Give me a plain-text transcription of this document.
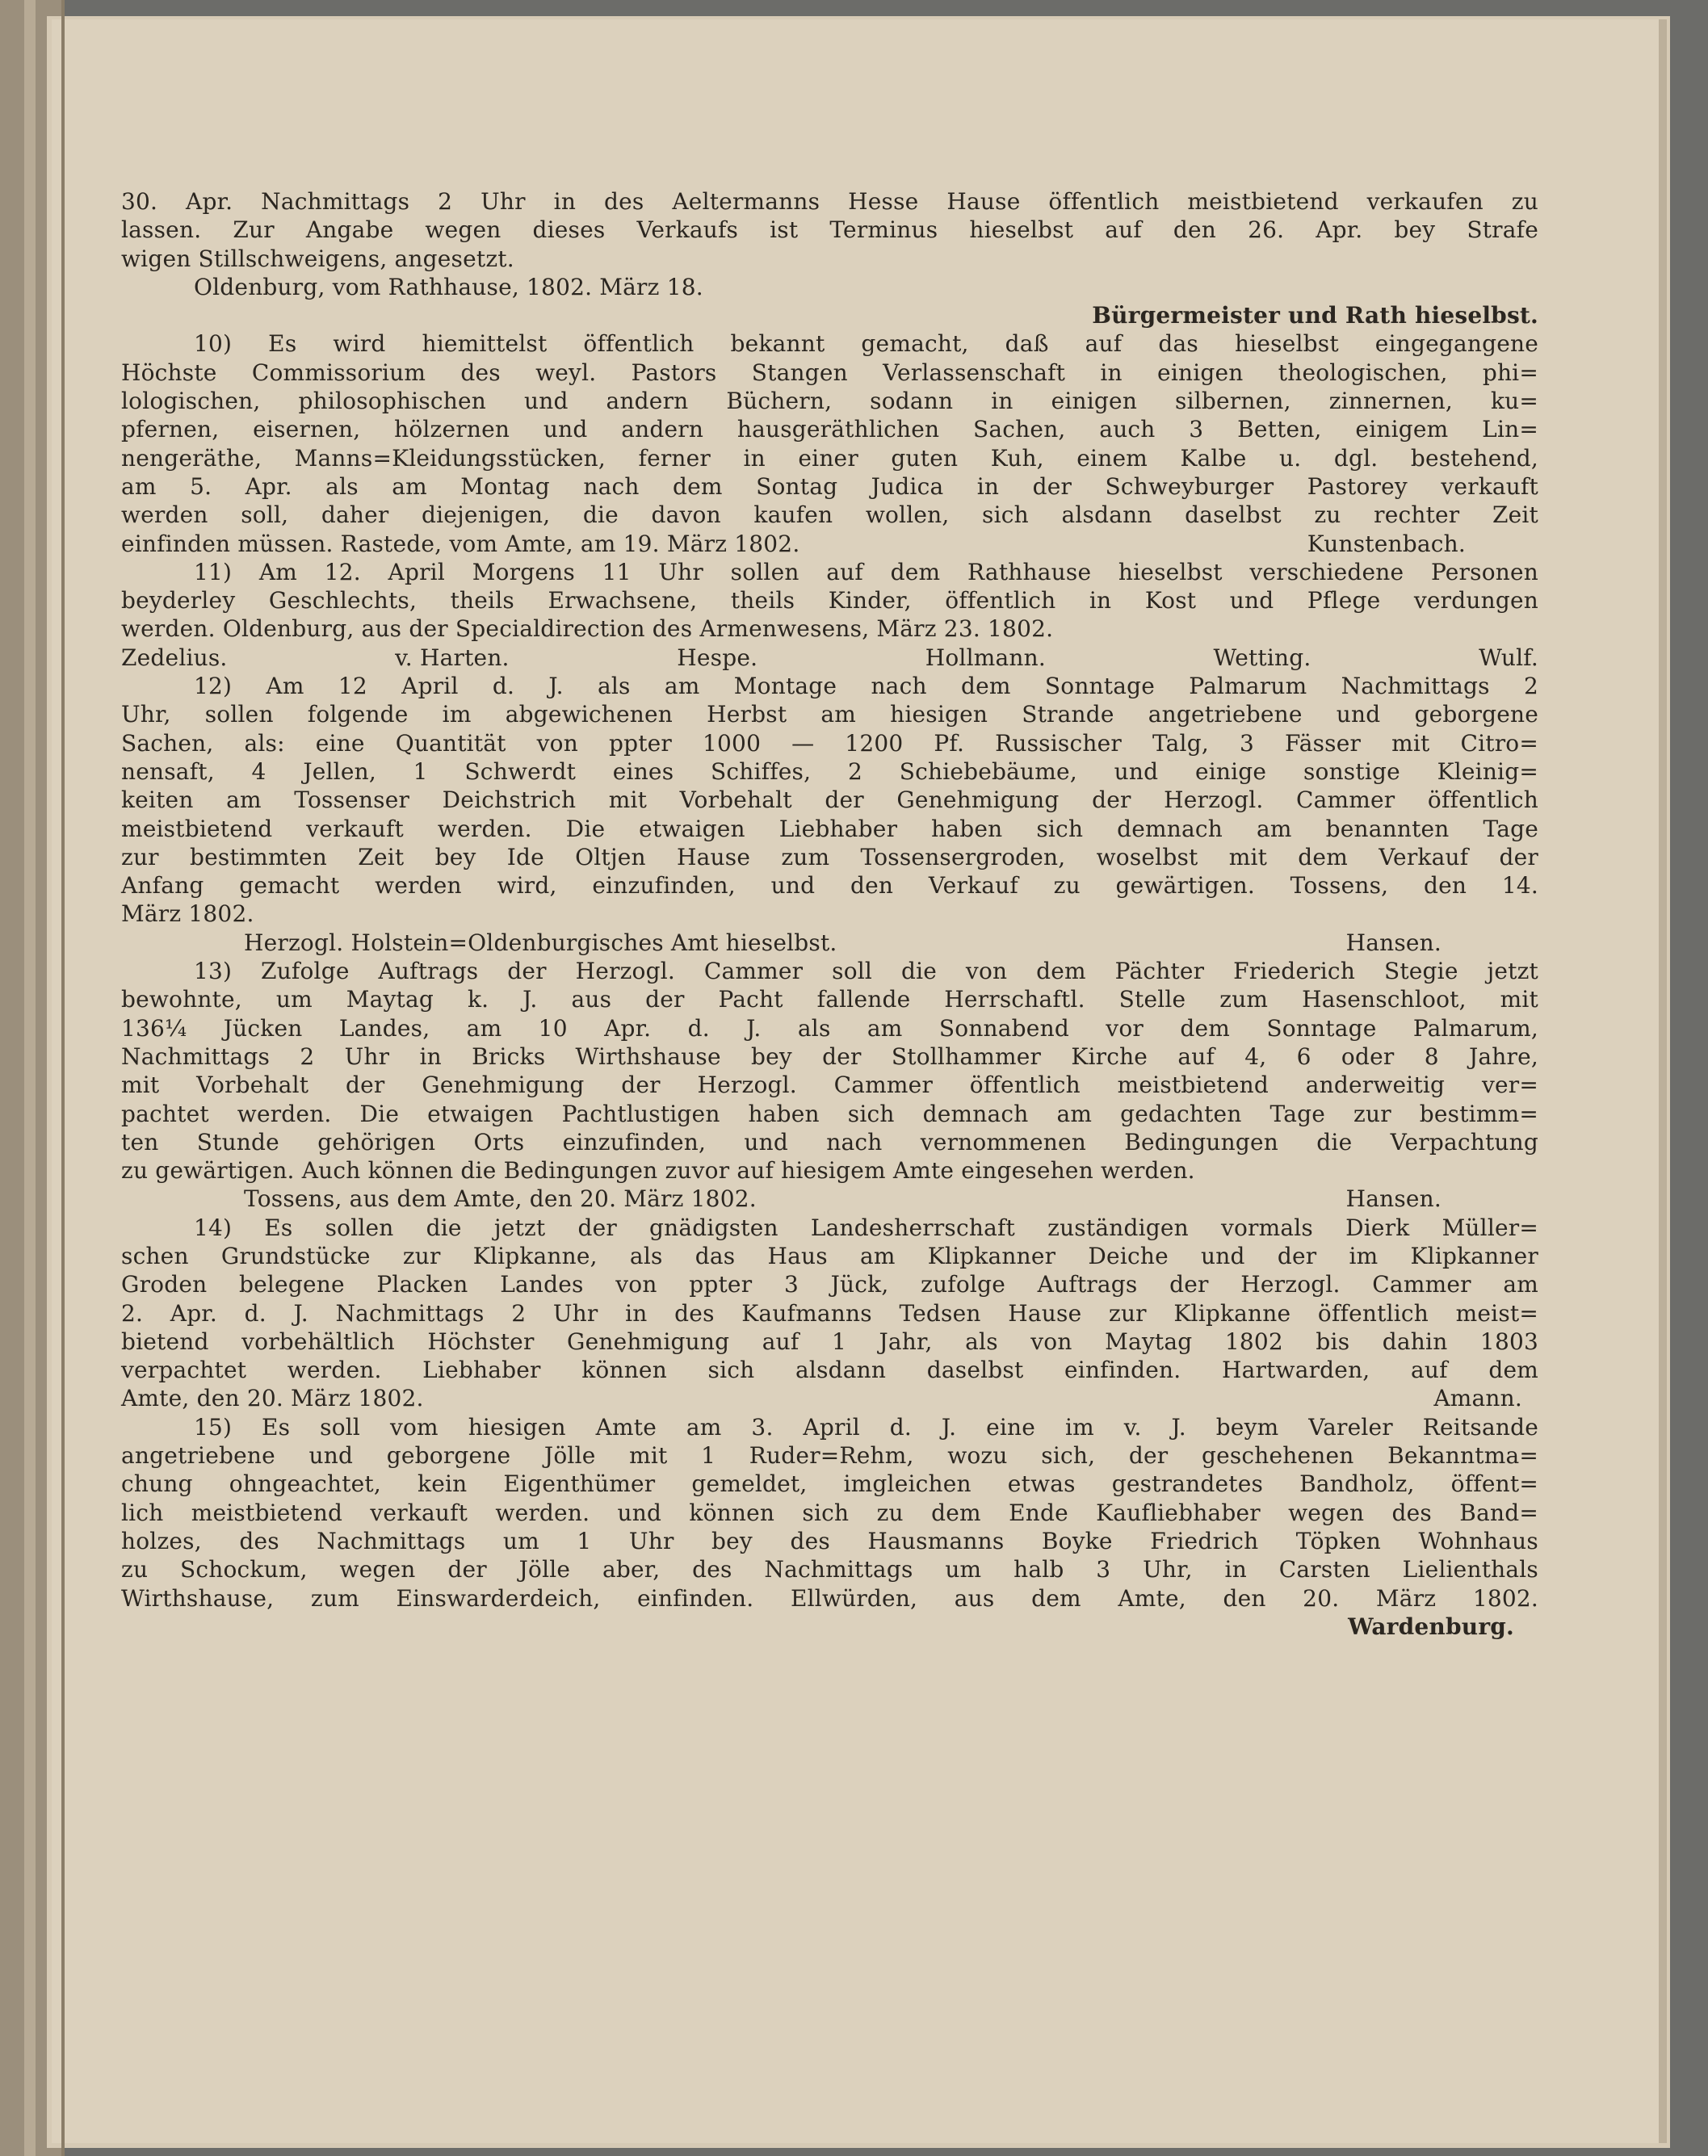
30. Apr. Nachmittags 2 Uhr in des Aeltermanns Hesse Hause öffentlich meistbietend verkaufen zu
lassen. Zur Angabe wegen dieses Verkaufs ist Terminus hieselbst auf den 26. Apr. bey Strafe
wigen Stillschweigens, angesetzt.
Oldenburg, vom Rathhause, 1802. März 18.
Bürgermeister und Rath hieselbst.
10) Es wird hiemittelst öffentlich bekannt gemacht, daß auf das hieselbst eingegangene
Höchste Commissorium des weyl. Pastors Stangen Verlassenschaft in einigen theologischen, phi=
lologischen, philosophischen und andern Büchern, sodann in einigen silbernen, zinnernen, ku=
pfernen, eisernen, hölzernen und andern hausgeräthlichen Sachen, auch 3 Betten, einigem Lin=
nengeräthe, Manns=Kleidungsstücken, ferner in einer guten Kuh, einem Kalbe u. dgl. bestehend,
am 5. Apr. als am Montag nach dem Sontag Judica in der Schweyburger Pastorey verkauft
werden soll, daher diejenigen, die davon kaufen wollen, sich alsdann daselbst zu rechter Zeit
einfinden müssen. Rastede, vom Amte, am 19. März 1802.	Kunstenbach.
11) Am 12. April Morgens 11 Uhr sollen auf dem Rathhause hieselbst verschiedene Personen
beyderley Geschlechts, theils Erwachsene, theils Kinder, öffentlich in Kost und Pflege verdungen
werden. Oldenburg, aus der Specialdirection des Armenwesens, März 23. 1802.
Zedelius.	v. Harten.	Hespe.	Hollmann.	Wetting.	Wulf.
12) Am 12 April d. J. als am Montage nach dem Sonntage Palmarum Nachmittags 2
Uhr, sollen folgende im abgewichenen Herbst am hiesigen Strande angetriebene und geborgene
Sachen, als: eine Quantität von ppter 1000 — 1200 Pf. Russischer Talg, 3 Fässer mit Citro=
nensaft, 4 Jellen, 1 Schwerdt eines Schiffes, 2 Schiebebäume, und einige sonstige Kleinig=
keiten am Tossenser Deichstrich mit Vorbehalt der Genehmigung der Herzogl. Cammer öffentlich
meistbietend verkauft werden. Die etwaigen Liebhaber haben sich demnach am benannten Tage
zur bestimmten Zeit bey Ide Oltjen Hause zum Tossensergroden, woselbst mit dem Verkauf der
Anfang gemacht werden wird, einzufinden, und den Verkauf zu gewärtigen. Tossens, den 14.
März 1802.
Herzogl. Holstein=Oldenburgisches Amt hieselbst.	Hansen.
13) Zufolge Auftrags der Herzogl. Cammer soll die von dem Pächter Friederich Stegie jetzt
bewohnte, um Maytag k. J. aus der Pacht fallende Herrschaftl. Stelle zum Hasenschloot, mit
136¼ Jücken Landes, am 10 Apr. d. J. als am Sonnabend vor dem Sonntage Palmarum,
Nachmittags 2 Uhr in Bricks Wirthshause bey der Stollhammer Kirche auf 4, 6 oder 8 Jahre,
mit Vorbehalt der Genehmigung der Herzogl. Cammer öffentlich meistbietend anderweitig ver=
pachtet werden. Die etwaigen Pachtlustigen haben sich demnach am gedachten Tage zur bestimm=
ten Stunde gehörigen Orts einzufinden, und nach vernommenen Bedingungen die Verpachtung
zu gewärtigen. Auch können die Bedingungen zuvor auf hiesigem Amte eingesehen werden.
Tossens, aus dem Amte, den 20. März 1802.	Hansen.
14) Es sollen die jetzt der gnädigsten Landesherrschaft zuständigen vormals Dierk Müller=
schen Grundstücke zur Klipkanne, als das Haus am Klipkanner Deiche und der im Klipkanner
Groden belegene Placken Landes von ppter 3 Jück, zufolge Auftrags der Herzogl. Cammer am
2. Apr. d. J. Nachmittags 2 Uhr in des Kaufmanns Tedsen Hause zur Klipkanne öffentlich meist=
bietend vorbehältlich Höchster Genehmigung auf 1 Jahr, als von Maytag 1802 bis dahin 1803
verpachtet werden. Liebhaber können sich alsdann daselbst einfinden. Hartwarden, auf dem
Amte, den 20. März 1802.	Amann.
15) Es soll vom hiesigen Amte am 3. April d. J. eine im v. J. beym Vareler Reitsande
angetriebene und geborgene Jölle mit 1 Ruder=Rehm, wozu sich, der geschehenen Bekanntma=
chung ohngeachtet, kein Eigenthümer gemeldet, imgleichen etwas gestrandetes Bandholz, öffent=
lich meistbietend verkauft werden. und können sich zu dem Ende Kaufliebhaber wegen des Band=
holzes, des Nachmittags um 1 Uhr bey des Hausmanns Boyke Friedrich Töpken Wohnhaus
zu Schockum, wegen der Jölle aber, des Nachmittags um halb 3 Uhr, in Carsten Lielienthals
Wirthshause, zum Einswarderdeich, einfinden. Ellwürden, aus dem Amte, den 20. März 1802.
Wardenburg.
